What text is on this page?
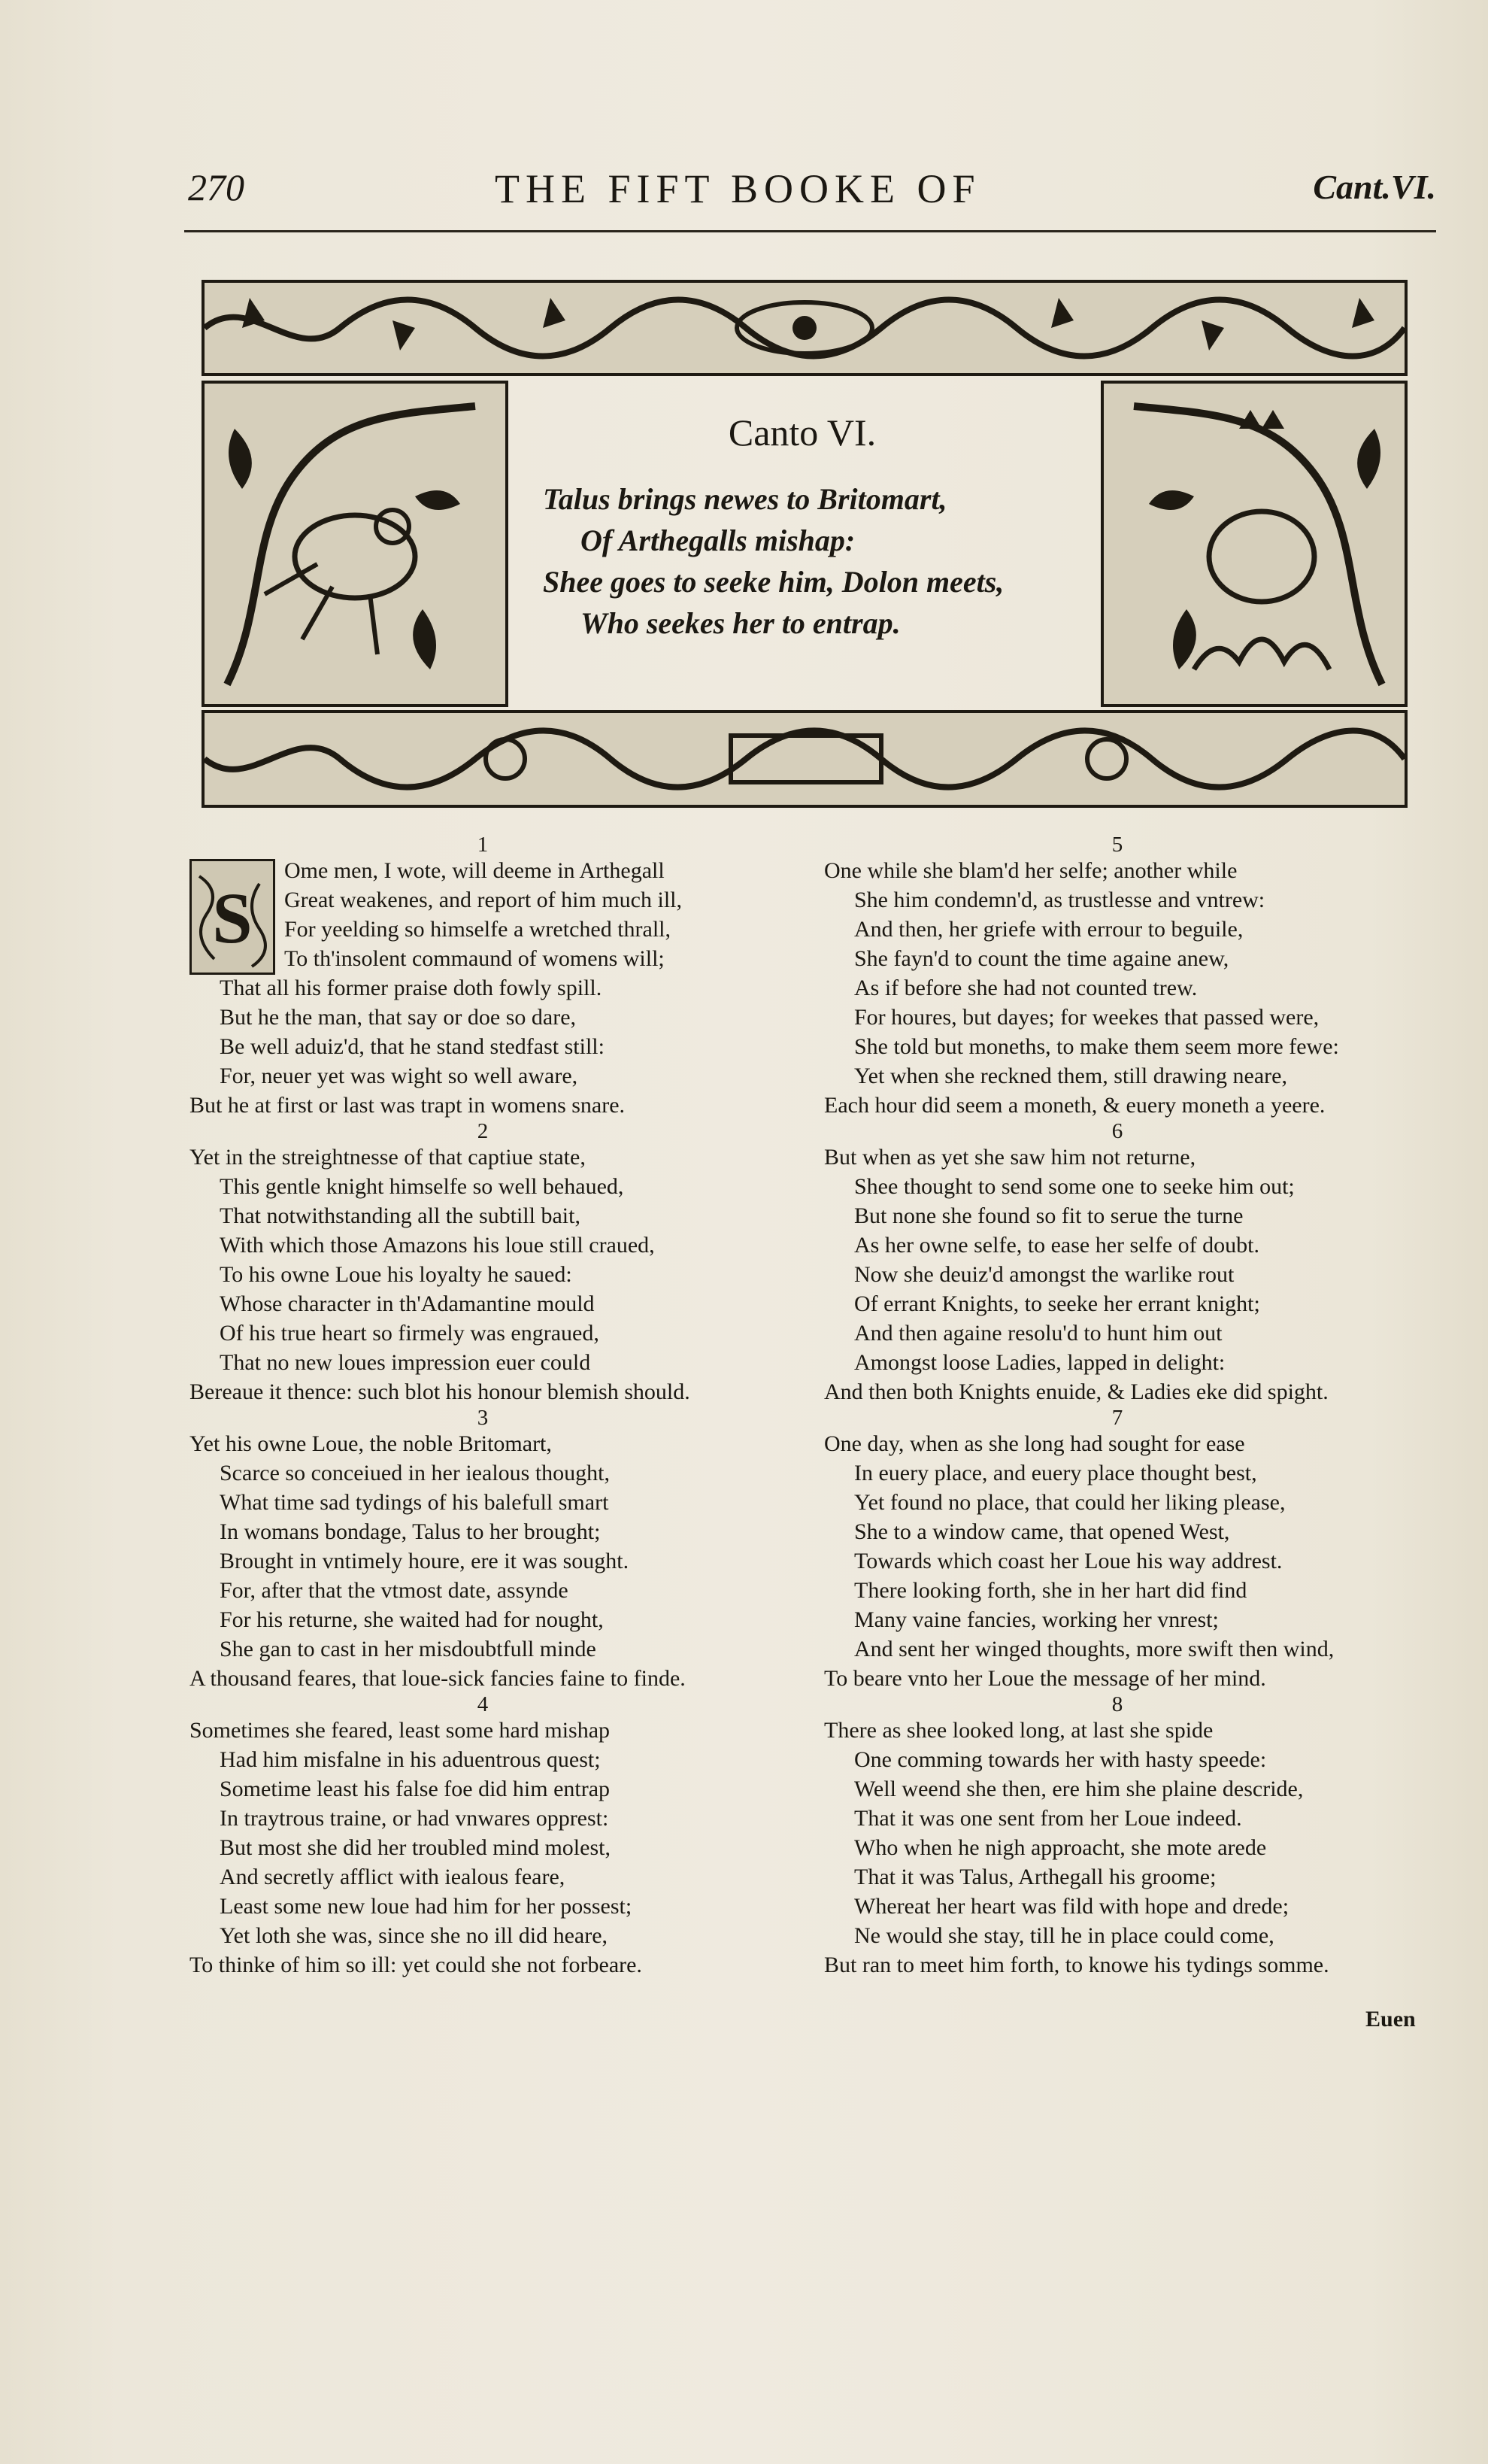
270	THE FIFT BOOKE OF	Cant.VI.
Canto VI.
Talus brings newes to Britomart,
Of Arthegalls mishap:
Shee goes to seeke him, Dolon meets,
Who seekes her to entrap.
1
S
Ome men, I wote, will deeme in Arthegall
Great weakenes, and report of him much ill,
For yeelding so himselfe a wretched thrall,
To th'insolent commaund of womens will;
That all his former praise doth fowly spill.
But he the man, that say or doe so dare,
Be well aduiz'd, that he stand stedfast still:
For, neuer yet was wight so well aware,
But he at first or last was trapt in womens snare.
2
Yet in the streightnesse of that captiue state,
This gentle knight himselfe so well behaued,
That notwithstanding all the subtill bait,
With which those Amazons his loue still craued,
To his owne Loue his loyalty he saued:
Whose character in th'Adamantine mould
Of his true heart so firmely was engraued,
That no new loues impression euer could
Bereaue it thence: such blot his honour blemish should.
3
Yet his owne Loue, the noble Britomart,
Scarce so conceiued in her iealous thought,
What time sad tydings of his balefull smart
In womans bondage, Talus to her brought;
Brought in vntimely houre, ere it was sought.
For, after that the vtmost date, assynde
For his returne, she waited had for nought,
She gan to cast in her misdoubtfull minde
A thousand feares, that loue-sick fancies faine to finde.
4
Sometimes she feared, least some hard mishap
Had him misfalne in his aduentrous quest;
Sometime least his false foe did him entrap
In traytrous traine, or had vnwares opprest:
But most she did her troubled mind molest,
And secretly afflict with iealous feare,
Least some new loue had him for her possest;
Yet loth she was, since she no ill did heare,
To thinke of him so ill: yet could she not forbeare.
5
One while she blam'd her selfe; another while
She him condemn'd, as trustlesse and vntrew:
And then, her griefe with errour to beguile,
She fayn'd to count the time againe anew,
As if before she had not counted trew.
For houres, but dayes; for weekes that passed were,
She told but moneths, to make them seem more fewe:
Yet when she reckned them, still drawing neare,
Each hour did seem a moneth, & euery moneth a yeere.
6
But when as yet she saw him not returne,
Shee thought to send some one to seeke him out;
But none she found so fit to serue the turne
As her owne selfe, to ease her selfe of doubt.
Now she deuiz'd amongst the warlike rout
Of errant Knights, to seeke her errant knight;
And then againe resolu'd to hunt him out
Amongst loose Ladies, lapped in delight:
And then both Knights enuide, & Ladies eke did spight.
7
One day, when as she long had sought for ease
In euery place, and euery place thought best,
Yet found no place, that could her liking please,
She to a window came, that opened West,
Towards which coast her Loue his way addrest.
There looking forth, she in her hart did find
Many vaine fancies, working her vnrest;
And sent her winged thoughts, more swift then wind,
To beare vnto her Loue the message of her mind.
8
There as shee looked long, at last she spide
One comming towards her with hasty speede:
Well weend she then, ere him she plaine descride,
That it was one sent from her Loue indeed.
Who when he nigh approacht, she mote arede
That it was Talus, Arthegall his groome;
Whereat her heart was fild with hope and drede;
Ne would she stay, till he in place could come,
But ran to meet him forth, to knowe his tydings somme.
Euen
